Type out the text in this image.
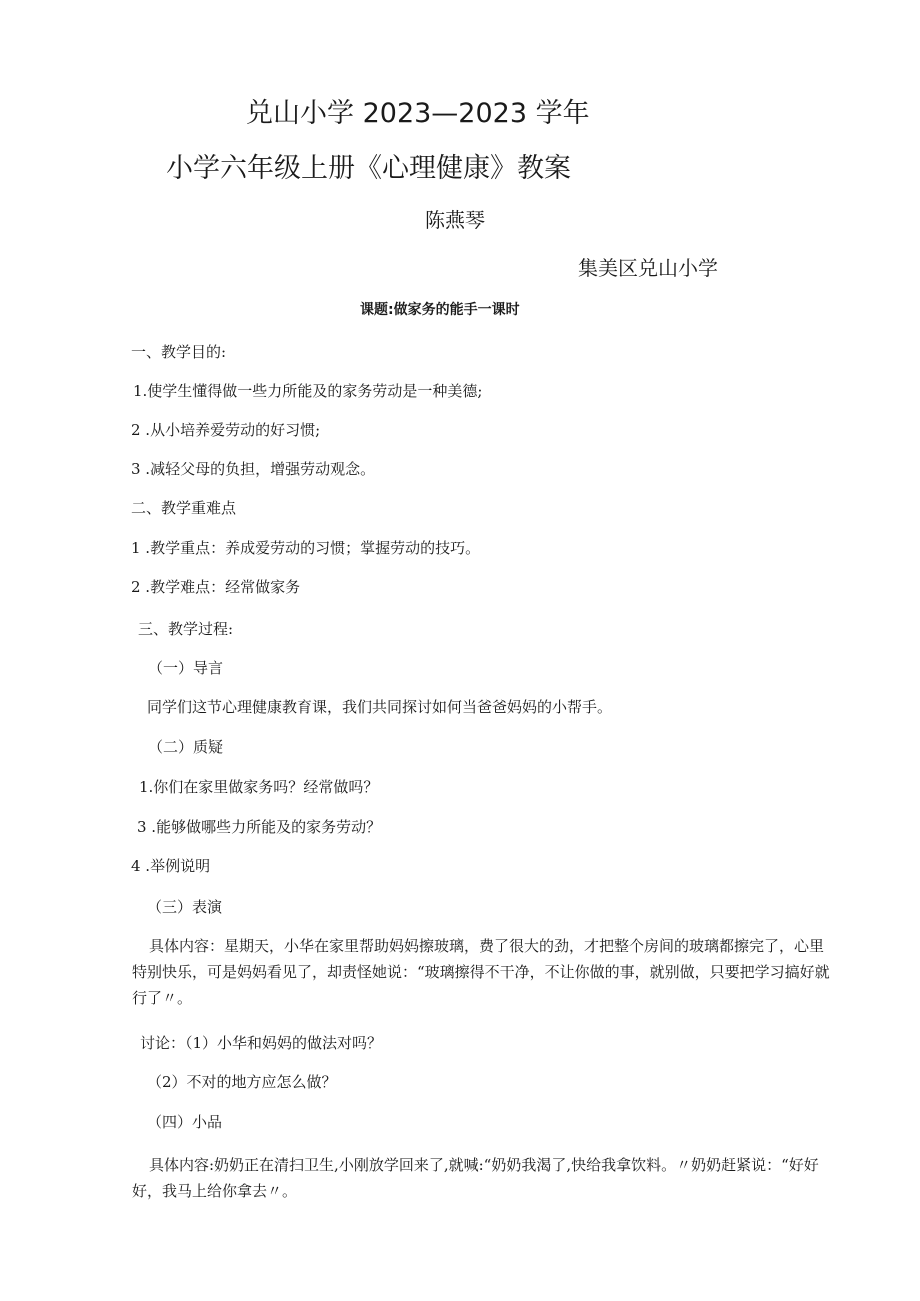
兑山小学 2023—2023 学年
小学六年级上册《心理健康》教案
陈燕琴
集美区兑山小学
课题:做家务的能手一课时
一、教学目的:
1.使学生懂得做一些力所能及的家务劳动是一种美德;
2 .从小培养爱劳动的好习惯;
3 .减轻父母的负担，增强劳动观念。
二、教学重难点
1 .教学重点：养成爱劳动的习惯；掌握劳动的技巧。
2 .教学难点：经常做家务
三、教学过程:
（一）导言
同学们这节心理健康教育课，我们共同探讨如何当爸爸妈妈的小帮手。
（二）质疑
1.你们在家里做家务吗？经常做吗？
3 .能够做哪些力所能及的家务劳动？
4 .举例说明
（三）表演
具体内容：星期天，小华在家里帮助妈妈擦玻璃，费了很大的劲，才把整个房间的玻璃都擦完了，心里特别快乐，可是妈妈看见了，却责怪她说：“玻璃擦得不干净，不让你做的事，就别做，只要把学习搞好就行了〃。
讨论：（1）小华和妈妈的做法对吗？
（2）不对的地方应怎么做？
（四）小品
具体内容:奶奶正在清扫卫生,小刚放学回来了,就喊:“奶奶我渴了,快给我拿饮料。〃奶奶赶紧说：“好好好，我马上给你拿去〃。
